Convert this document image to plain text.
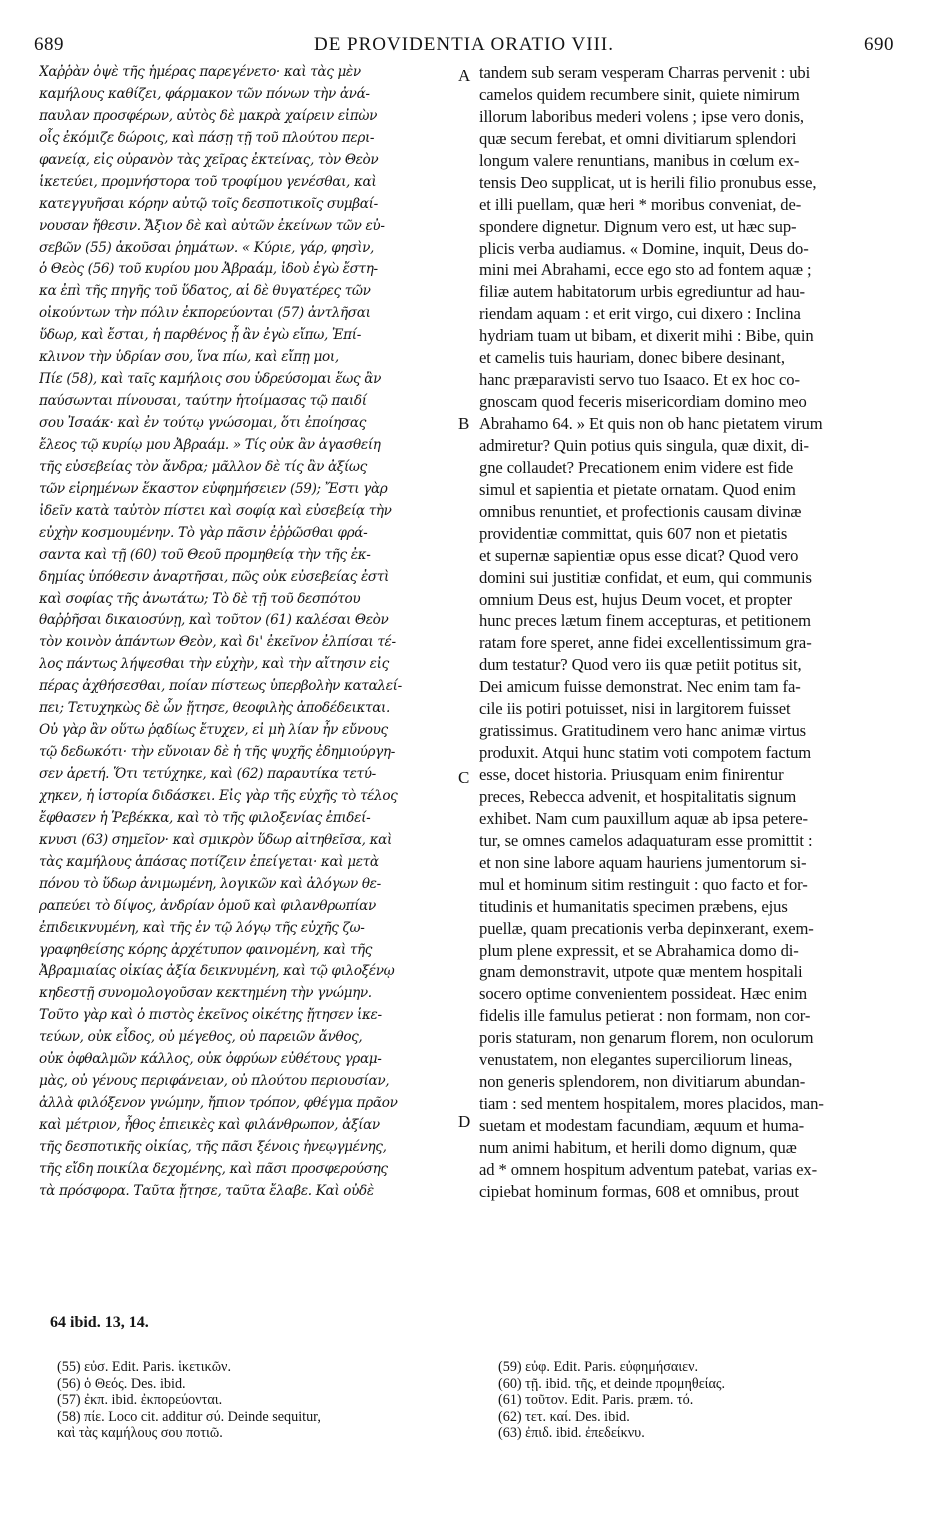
689	DE PROVIDENTIA ORATIO VIII.	690
Χαῤῥὰν ὀψὲ τῆς ἡμέρας παρεγένετο· καὶ τὰς μὲν
καμήλους καθίζει, φάρμακον τῶν πόνων τὴν ἀνά-
παυλαν προσφέρων, αὐτὸς δὲ μακρὰ χαίρειν εἰπὼν
οἷς ἐκόμιζε δώροις, καὶ πάσῃ τῇ τοῦ πλούτου περι-
φανείᾳ, εἰς οὐρανὸν τὰς χεῖρας ἐκτείνας, τὸν Θεὸν
ἱκετεύει, προμνήστορα τοῦ τροφίμου γενέσθαι, καὶ
κατεγγυῆσαι κόρην αὐτῷ τοῖς δεσποτικοῖς συμβαί-
νουσαν ἤθεσιν. Ἄξιον δὲ καὶ αὐτῶν ἐκείνων τῶν εὐ-
σεβῶν (55) ἀκοῦσαι ῥημάτων. « Κύριε, γάρ, φησὶν,
ὁ Θεὸς (56) τοῦ κυρίου μου Ἀβραάμ, ἰδοὺ ἐγὼ ἔστη-
κα ἐπὶ τῆς πηγῆς τοῦ ὕδατος, αἱ δὲ θυγατέρες τῶν
οἰκούντων τὴν πόλιν ἐκπορεύονται (57) ἀντλῆσαι
ὕδωρ, καὶ ἔσται, ἡ παρθένος ᾗ ἂν ἐγὼ εἴπω, Ἐπί-
κλινον τὴν ὑδρίαν σου, ἵνα πίω, καὶ εἴπῃ μοι,
Πίε (58), καὶ ταῖς καμήλοις σου ὑδρεύσομαι ἕως ἂν
παύσωνται πίνουσαι, ταύτην ἡτοίμασας τῷ παιδί
σου Ἰσαάκ· καὶ ἐν τούτῳ γνώσομαι, ὅτι ἐποίησας
ἔλεος τῷ κυρίῳ μου Ἀβραάμ. » Τίς οὐκ ἂν ἀγασθείη
τῆς εὐσεβείας τὸν ἄνδρα; μᾶλλον δὲ τίς ἂν ἀξίως
τῶν εἰρημένων ἕκαστον εὐφημήσειεν (59); Ἔστι γὰρ
ἰδεῖν κατὰ ταὐτὸν πίστει καὶ σοφίᾳ καὶ εὐσεβείᾳ τὴν
εὐχὴν κοσμουμένην. Τὸ γὰρ πᾶσιν ἐῤῥῶσθαι φρά-
σαντα καὶ τῇ (60) τοῦ Θεοῦ προμηθείᾳ τὴν τῆς ἐκ-
δημίας ὑπόθεσιν ἀναρτῆσαι, πῶς οὐκ εὐσεβείας ἐστὶ
καὶ σοφίας τῆς ἀνωτάτω; Τὸ δὲ τῇ τοῦ δεσπότου
θαῤῥῆσαι δικαιοσύνῃ, καὶ τοῦτον (61) καλέσαι Θεὸν
τὸν κοινὸν ἁπάντων Θεὸν, καὶ δι' ἐκεῖνον ἐλπίσαι τέ-
λος πάντως λήψεσθαι τὴν εὐχὴν, καὶ τὴν αἴτησιν εἰς
πέρας ἀχθήσεσθαι, ποίαν πίστεως ὑπερβολὴν καταλεί-
πει; Τετυχηκὼς δὲ ὧν ᾔτησε, θεοφιλὴς ἀποδέδεικται.
Οὐ γὰρ ἂν οὕτω ῥᾳδίως ἔτυχεν, εἰ μὴ λίαν ἦν εὔνους
τῷ δεδωκότι· τὴν εὔνοιαν δὲ ἡ τῆς ψυχῆς ἐδημιούργη-
σεν ἀρετή. Ὅτι τετύχηκε, καὶ (62) παραυτίκα τετύ-
χηκεν, ἡ ἱστορία διδάσκει. Εἰς γὰρ τῆς εὐχῆς τὸ τέλος
ἔφθασεν ἡ Ῥεβέκκα, καὶ τὸ τῆς φιλοξενίας ἐπιδεί-
κνυσι (63) σημεῖον· καὶ σμικρὸν ὕδωρ αἰτηθεῖσα, καὶ
τὰς καμήλους ἁπάσας ποτίζειν ἐπείγεται· καὶ μετὰ
πόνου τὸ ὕδωρ ἀνιμωμένη, λογικῶν καὶ ἀλόγων θε-
ραπεύει τὸ δίψος, ἀνδρίαν ὁμοῦ καὶ φιλανθρωπίαν
ἐπιδεικνυμένη, καὶ τῆς ἐν τῷ λόγῳ τῆς εὐχῆς ζω-
γραφηθείσης κόρης ἀρχέτυπον φαινομένη, καὶ τῆς
Ἀβραμιαίας οἰκίας ἀξία δεικνυμένη, καὶ τῷ φιλοξένῳ
κηδεστῇ συνομολογοῦσαν κεκτημένη τὴν γνώμην.
Τοῦτο γὰρ καὶ ὁ πιστὸς ἐκεῖνος οἰκέτης ᾔτησεν ἱκε-
τεύων, οὐκ εἶδος, οὐ μέγεθος, οὐ παρειῶν ἄνθος,
οὐκ ὀφθαλμῶν κάλλος, οὐκ ὀφρύων εὐθέτους γραμ-
μὰς, οὐ γένους περιφάνειαν, οὐ πλούτου περιουσίαν,
ἀλλὰ φιλόξενον γνώμην, ἤπιον τρόπον, φθέγμα πρᾶον
καὶ μέτριον, ἦθος ἐπιεικὲς καὶ φιλάνθρωπον, ἀξίαν
τῆς δεσποτικῆς οἰκίας, τῆς πᾶσι ξένοις ἠνεῳγμένης,
τῆς εἴδη ποικίλα δεχομένης, καὶ πᾶσι προσφερούσης
τὰ πρόσφορα. Ταῦτα ᾔτησε, ταῦτα ἔλαβε. Καὶ οὐδὲ
tandem sub seram vesperam Charras pervenit : ubi
camelos quidem recumbere sinit, quiete nimirum
illorum laboribus mederi volens ; ipse vero donis,
quæ secum ferebat, et omni divitiarum splendori
longum valere renuntians, manibus in cœlum ex-
tensis Deo supplicat, ut is herili filio pronubus esse,
et illi puellam, quæ heri * moribus conveniat, de-
spondere dignetur. Dignum vero est, ut hæc sup-
plicis verba audiamus. « Domine, inquit, Deus do-
mini mei Abrahami, ecce ego sto ad fontem aquæ ;
filiæ autem habitatorum urbis egrediuntur ad hau-
riendam aquam : et erit virgo, cui dixero : Inclina
hydriam tuam ut bibam, et dixerit mihi : Bibe, quin
et camelis tuis hauriam, donec bibere desinant,
hanc præparavisti servo tuo Isaaco. Et ex hoc co-
gnoscam quod feceris misericordiam domino meo
Abrahamo 64. » Et quis non ob hanc pietatem virum
admiretur? Quin potius quis singula, quæ dixit, di-
gne collaudet? Precationem enim videre est fide
simul et sapientia et pietate ornatam. Quod enim
omnibus renuntiet, et profectionis causam divinæ
providentiæ committat, quis 607 non et pietatis
et supernæ sapientiæ opus esse dicat? Quod vero
domini sui justitiæ confidat, et eum, qui communis
omnium Deus est, hujus Deum vocet, et propter
hunc preces lætum finem accepturas, et petitionem
ratam fore speret, anne fidei excellentissimum gra-
dum testatur? Quod vero iis quæ petiit potitus sit,
Dei amicum fuisse demonstrat. Nec enim tam fa-
cile iis potiri potuisset, nisi in largitorem fuisset
gratissimus. Gratitudinem vero hanc animæ virtus
produxit. Atqui hunc statim voti compotem factum
esse, docet historia. Priusquam enim finirentur
preces, Rebecca advenit, et hospitalitatis signum
exhibet. Nam cum pauxillum aquæ ab ipsa petere-
tur, se omnes camelos adaquaturam esse promittit :
et non sine labore aquam hauriens jumentorum si-
mul et hominum sitim restinguit : quo facto et for-
titudinis et humanitatis specimen præbens, ejus
puellæ, quam precationis verba depinxerant, exem-
plum plene expressit, et se Abrahamica domo di-
gnam demonstravit, utpote quæ mentem hospitali
socero optime convenientem possideat. Hæc enim
fidelis ille famulus petierat : non formam, non cor-
poris staturam, non genarum florem, non oculorum
venustatem, non elegantes superciliorum lineas,
non generis splendorem, non divitiarum abundan-
tiam : sed mentem hospitalem, mores placidos, man-
suetam et modestam facundiam, æquum et huma-
num animi habitum, et herili domo dignum, quæ
ad * omnem hospitum adventum patebat, varias ex-
cipiebat hominum formas, 608 et omnibus, prout
A
B
C
D
64 ibid. 13, 14.
(55) εὐσ. Edit. Paris. ἱκετικῶν.
(56) ὁ Θεός. Des. ibid.
(57) ἐκπ. ibid. ἐκπορεύονται.
(58) πίε. Loco cit. additur σύ. Deinde sequitur,
καὶ τὰς καμήλους σου ποτιῶ.
(59) εὐφ. Edit. Paris. εὐφημήσαιεν.
(60) τῇ. ibid. τῆς, et deinde προμηθείας.
(61) τοῦτον. Edit. Paris. præm. τό.
(62) τετ. καί. Des. ibid.
(63) ἐπιδ. ibid. ἐπεδείκνυ.
